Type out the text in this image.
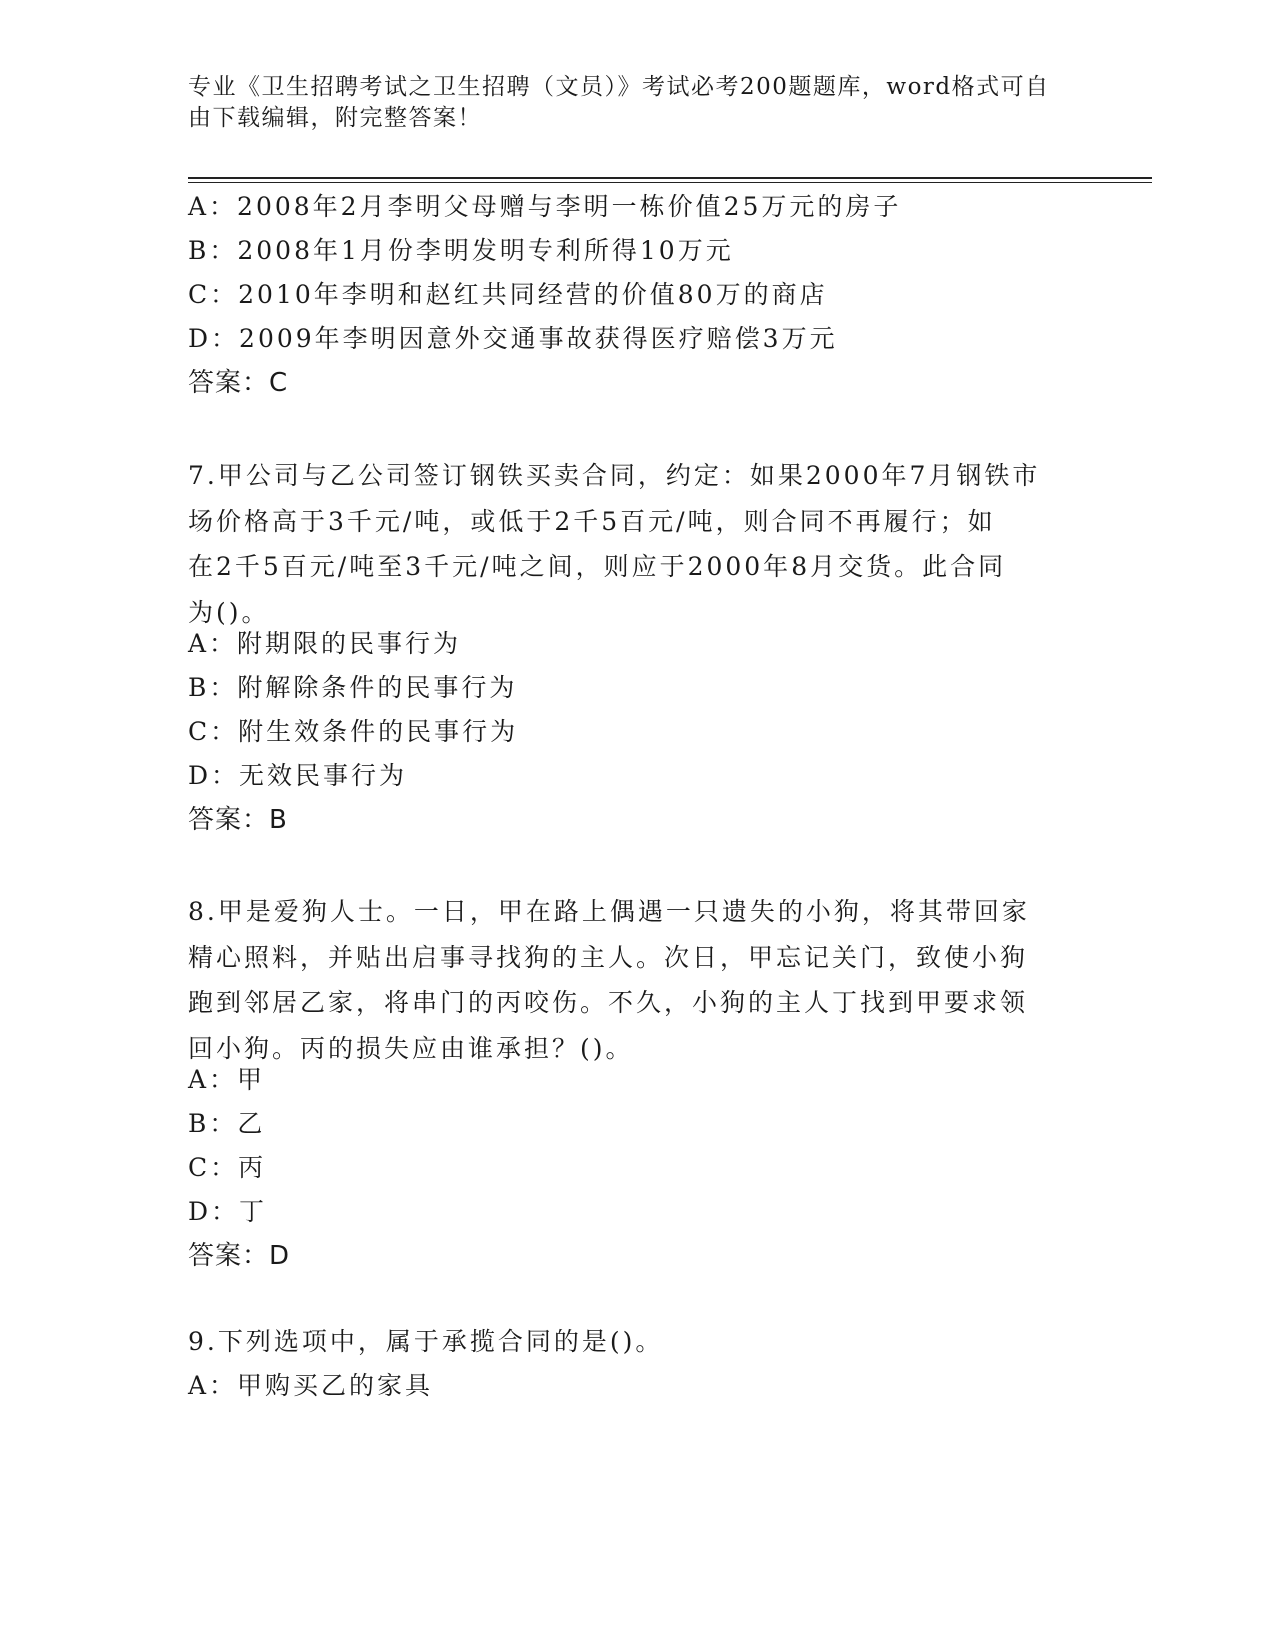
专业《卫生招聘考试之卫生招聘（文员）》考试必考200题题库，word格式可自
由下载编辑，附完整答案！
A：2008年2月李明父母赠与李明一栋价值25万元的房子
B：2008年1月份李明发明专利所得10万元
C：2010年李明和赵红共同经营的价值80万的商店
D：2009年李明因意外交通事故获得医疗赔偿3万元
答案：C
7.甲公司与乙公司签订钢铁买卖合同，约定：如果2000年7月钢铁市
场价格高于3千元/吨，或低于2千5百元/吨，则合同不再履行；如
在2千5百元/吨至3千元/吨之间，则应于2000年8月交货。此合同
为()。
A：附期限的民事行为
B：附解除条件的民事行为
C：附生效条件的民事行为
D：无效民事行为
答案：B
8.甲是爱狗人士。一日，甲在路上偶遇一只遗失的小狗，将其带回家
精心照料，并贴出启事寻找狗的主人。次日，甲忘记关门，致使小狗
跑到邻居乙家，将串门的丙咬伤。不久，小狗的主人丁找到甲要求领
回小狗。丙的损失应由谁承担？()。
A：甲
B：乙
C：丙
D：丁
答案：D
9.下列选项中，属于承揽合同的是()。
A：甲购买乙的家具
